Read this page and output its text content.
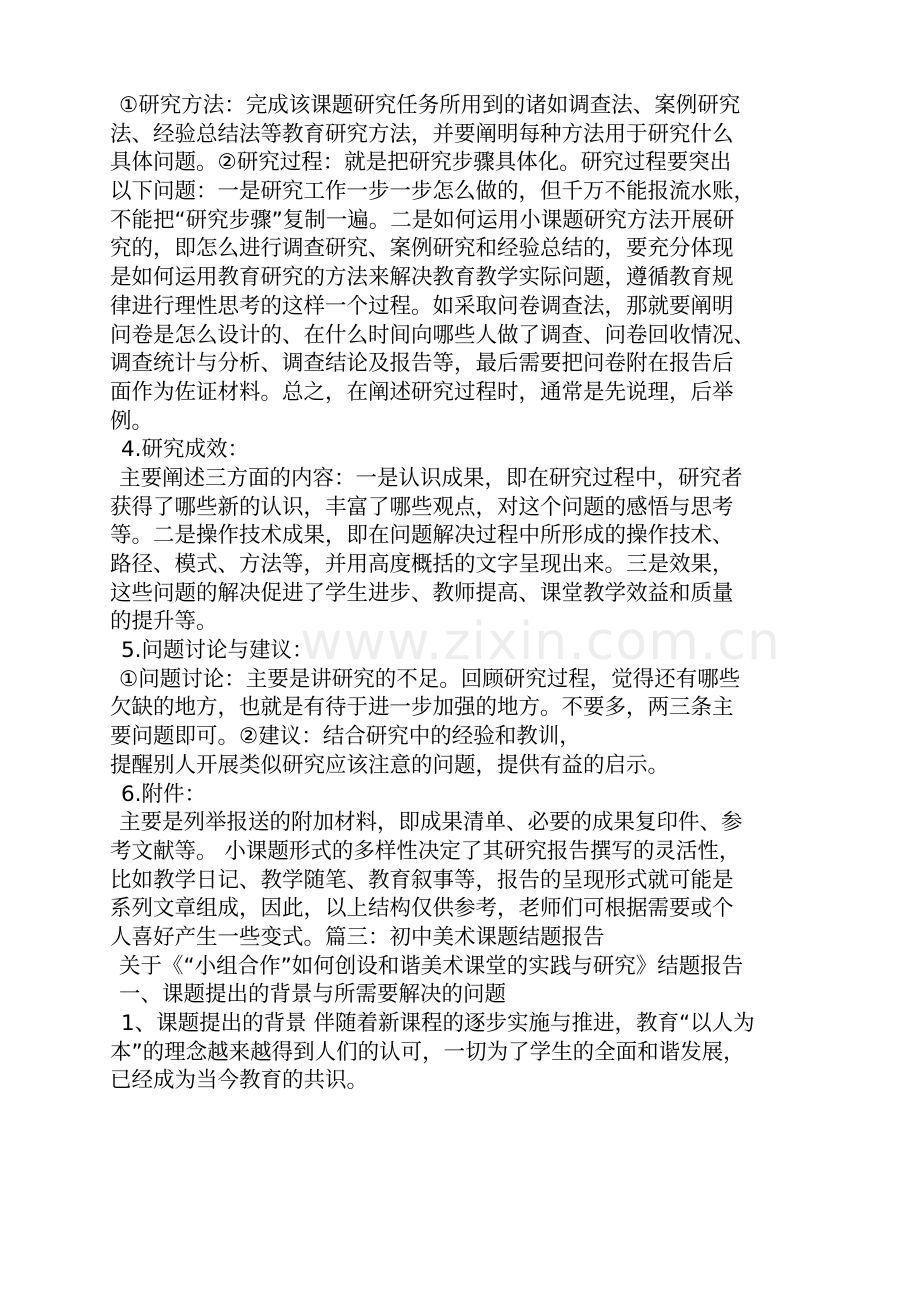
①研究方法：完成该课题研究任务所用到的诸如调查法、案例研究
法、经验总结法等教育研究方法，并要阐明每种方法用于研究什么
具体问题。②研究过程：就是把研究步骤具体化。研究过程要突出
以下问题：一是研究工作一步一步怎么做的，但千万不能报流水账，
不能把“研究步骤”复制一遍。二是如何运用小课题研究方法开展研
究的，即怎么进行调查研究、案例研究和经验总结的，要充分体现
是如何运用教育研究的方法来解决教育教学实际问题，遵循教育规
律进行理性思考的这样一个过程。如采取问卷调查法，那就要阐明
问卷是怎么设计的、在什么时间向哪些人做了调查、问卷回收情况、
调查统计与分析、调查结论及报告等，最后需要把问卷附在报告后
面作为佐证材料。总之，在阐述研究过程时，通常是先说理，后举
例。
4.研究成效：
主要阐述三方面的内容：一是认识成果，即在研究过程中，研究者
获得了哪些新的认识，丰富了哪些观点，对这个问题的感悟与思考
等。二是操作技术成果，即在问题解决过程中所形成的操作技术、
路径、模式、方法等，并用高度概括的文字呈现出来。三是效果，
这些问题的解决促进了学生进步、教师提高、课堂教学效益和质量
的提升等。
5.问题讨论与建议：
①问题讨论：主要是讲研究的不足。回顾研究过程，觉得还有哪些
欠缺的地方，也就是有待于进一步加强的地方。不要多，两三条主
要问题即可。②建议：结合研究中的经验和教训，
提醒别人开展类似研究应该注意的问题，提供有益的启示。
6.附件：
主要是列举报送的附加材料，即成果清单、必要的成果复印件、参
考文献等。 小课题形式的多样性决定了其研究报告撰写的灵活性，
比如教学日记、教学随笔、教育叙事等，报告的呈现形式就可能是
系列文章组成，因此，以上结构仅供参考，老师们可根据需要或个
人喜好产生一些变式。篇三：初中美术课题结题报告
关于《“小组合作”如何创设和谐美术课堂的实践与研究》结题报告
一、课题提出的背景与所需要解决的问题
1、课题提出的背景 伴随着新课程的逐步实施与推进，教育“以人为
本”的理念越来越得到人们的认可，一切为了学生的全面和谐发展，
已经成为当今教育的共识。
www.zixin.com.cn
